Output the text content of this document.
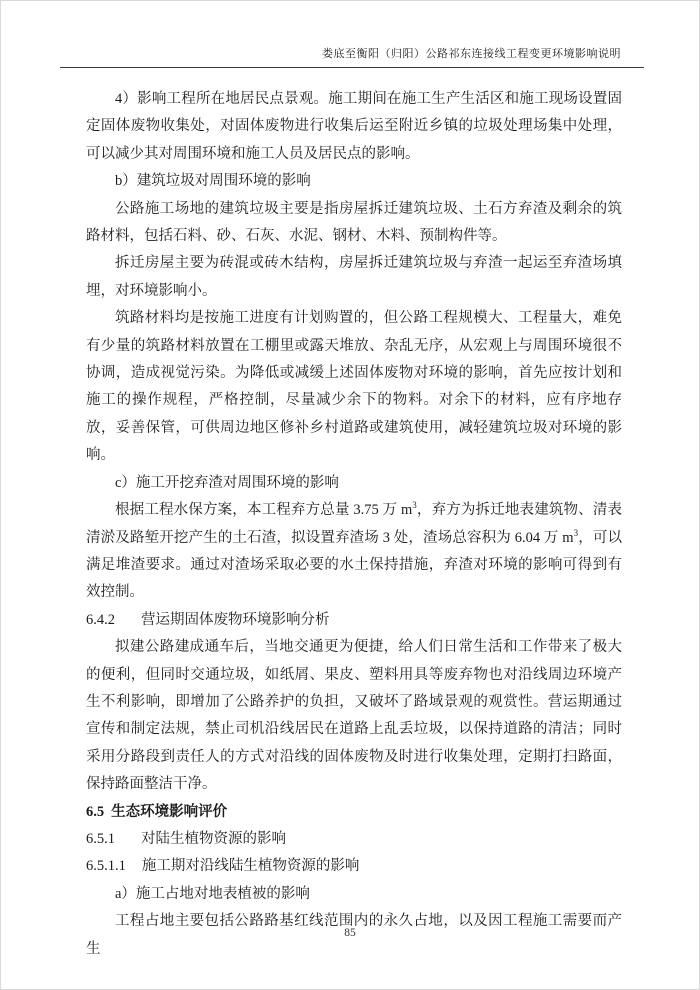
娄底至衡阳（归阳）公路祁东连接线工程变更环境影响说明

4）影响工程所在地居民点景观。施工期间在施工生产生活区和施工现场设置固定固体废物收集处，对固体废物进行收集后运至附近乡镇的垃圾处理场集中处理，可以减少其对周围环境和施工人员及居民点的影响。

b）建筑垃圾对周围环境的影响

公路施工场地的建筑垃圾主要是指房屋拆迁建筑垃圾、土石方弃渣及剩余的筑路材料，包括石料、砂、石灰、水泥、钢材、木料、预制构件等。

拆迁房屋主要为砖混或砖木结构，房屋拆迁建筑垃圾与弃渣一起运至弃渣场填埋，对环境影响小。

筑路材料均是按施工进度有计划购置的，但公路工程规模大、工程量大，难免有少量的筑路材料放置在工棚里或露天堆放、杂乱无序，从宏观上与周围环境很不协调，造成视觉污染。为降低或减缓上述固体废物对环境的影响，首先应按计划和施工的操作规程，严格控制，尽量减少余下的物料。对余下的材料，应有序地存放，妥善保管，可供周边地区修补乡村道路或建筑使用，减轻建筑垃圾对环境的影响。

c）施工开挖弃渣对周围环境的影响

根据工程水保方案，本工程弃方总量 3.75 万 $m^3$，弃方为拆迁地表建筑物、清表清淤及路堑开挖产生的土石渣，拟设置弃渣场 3 处，渣场总容积为 6.04 万 $m^3$，可以满足堆渣要求。通过对渣场采取必要的水土保持措施，弃渣对环境的影响可得到有效控制。

6.4.2 营运期固体废物环境影响分析

拟建公路建成通车后，当地交通更为便捷，给人们日常生活和工作带来了极大的便利，但同时交通垃圾，如纸屑、果皮、塑料用具等废弃物也对沿线周边环境产生不利影响，即增加了公路养护的负担，又破坏了路域景观的观赏性。营运期通过宣传和制定法规，禁止司机沿线居民在道路上乱丢垃圾，以保持道路的清洁；同时采用分路段到责任人的方式对沿线的固体废物及时进行收集处理，定期打扫路面，保持路面整洁干净。

6.5 生态环境影响评价

6.5.1 对陆生植物资源的影响

6.5.1.1 施工期对沿线陆生植物资源的影响

a）施工占地对地表植被的影响

工程占地主要包括公路路基红线范围内的永久占地，以及因工程施工需要而产生

85
